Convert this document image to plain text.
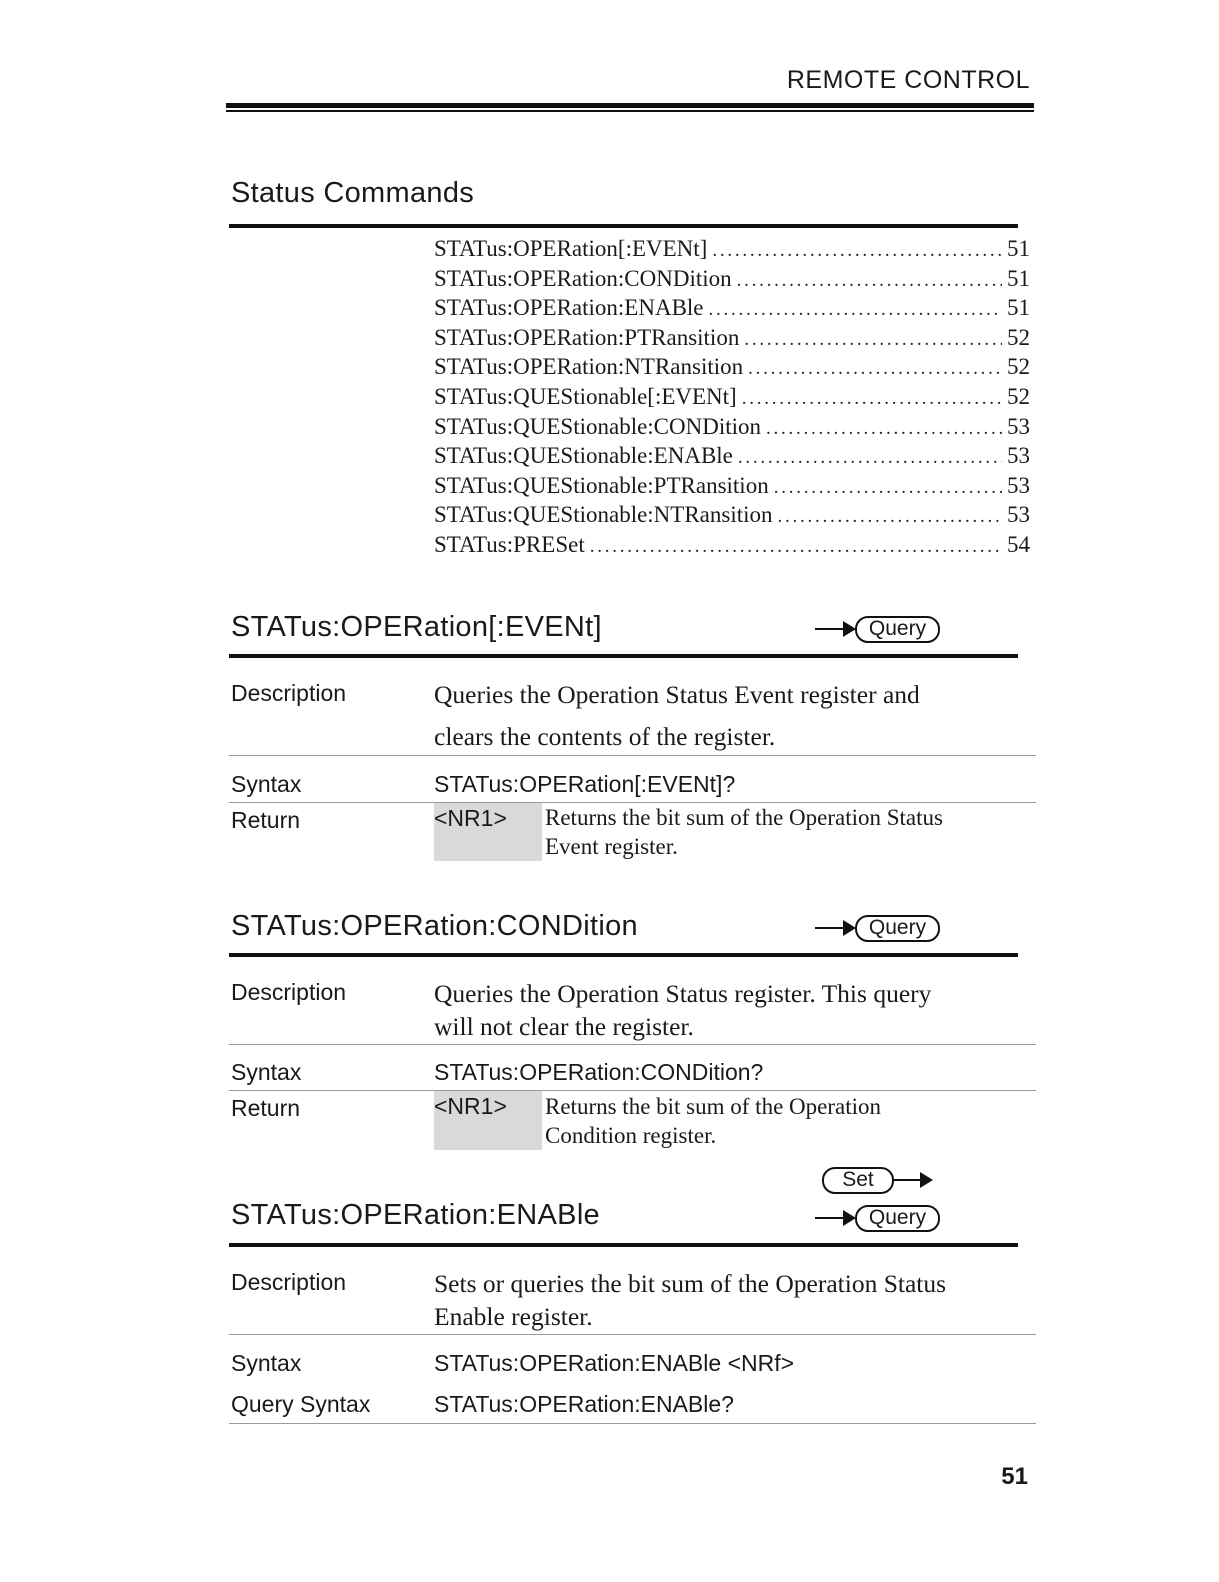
REMOTE CONTROL
Status Commands
STATus:OPERation[:EVENt] . . .	51
STATus:OPERation:CONDition . . .	51
STATus:OPERation:ENABle . . .	51
STATus:OPERation:PTRansition . . .	52
STATus:OPERation:NTRansition . . .	52
STATus:QUEStionable[:EVENt] . . .	52
STATus:QUEStionable:CONDition . . .	53
STATus:QUEStionable:ENABle . . .	53
STATus:QUEStionable:PTRansition . . .	53
STATus:QUEStionable:NTRansition . . .	53
STATus:PRESet . . .	54
STATus:OPERation[:EVENt]	Query
Description	Queries the Operation Status Event register and
clears the contents of the register.
Syntax	STATus:OPERation[:EVENt]?
Return	<NR1>	Returns the bit sum of the Operation Status
Event register.
STATus:OPERation:CONDition	Query
Description	Queries the Operation Status register. This query
will not clear the register.
Syntax	STATus:OPERation:CONDition?
Return	<NR1>	Returns the bit sum of the Operation
Condition register.
Set
STATus:OPERation:ENABle	Query
Description	Sets or queries the bit sum of the Operation Status
Enable register.
Syntax	STATus:OPERation:ENABle <NRf>
Query Syntax	STATus:OPERation:ENABle?
51
